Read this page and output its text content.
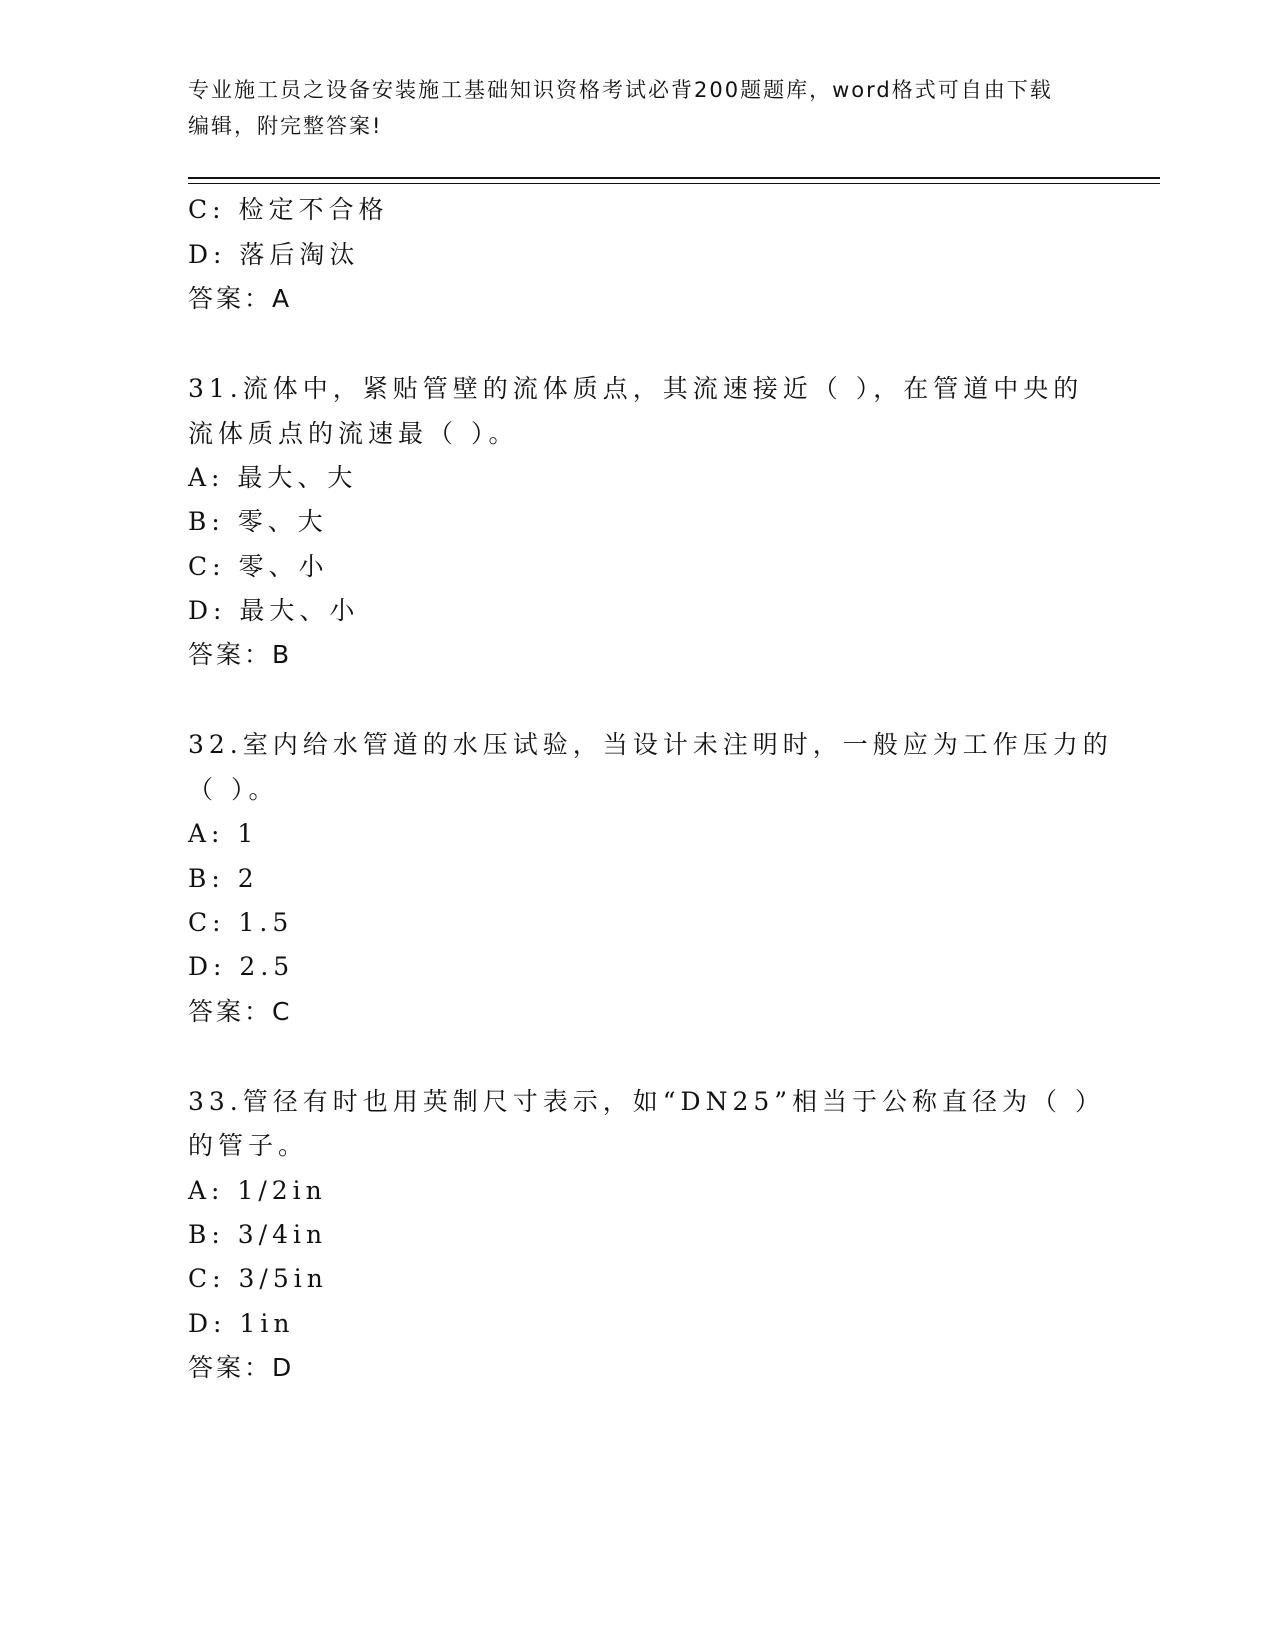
专业施工员之设备安装施工基础知识资格考试必背200题题库，word格式可自由下载编辑，附完整答案!
C: 检定不合格
D: 落后淘汰
答案：A
31.流体中，紧贴管壁的流体质点，其流速接近（ ），在管道中央的
流体质点的流速最（ ）。
A: 最大、大
B: 零、大
C: 零、小
D: 最大、小
答案：B
32.室内给水管道的水压试验，当设计未注明时，一般应为工作压力的
（ ）。
A: 1
B: 2
C: 1.5
D: 2.5
答案：C
33.管径有时也用英制尺寸表示，如“DN25”相当于公称直径为（ ）
的管子。
A: 1/2in
B: 3/4in
C: 3/5in
D: 1in
答案：D
